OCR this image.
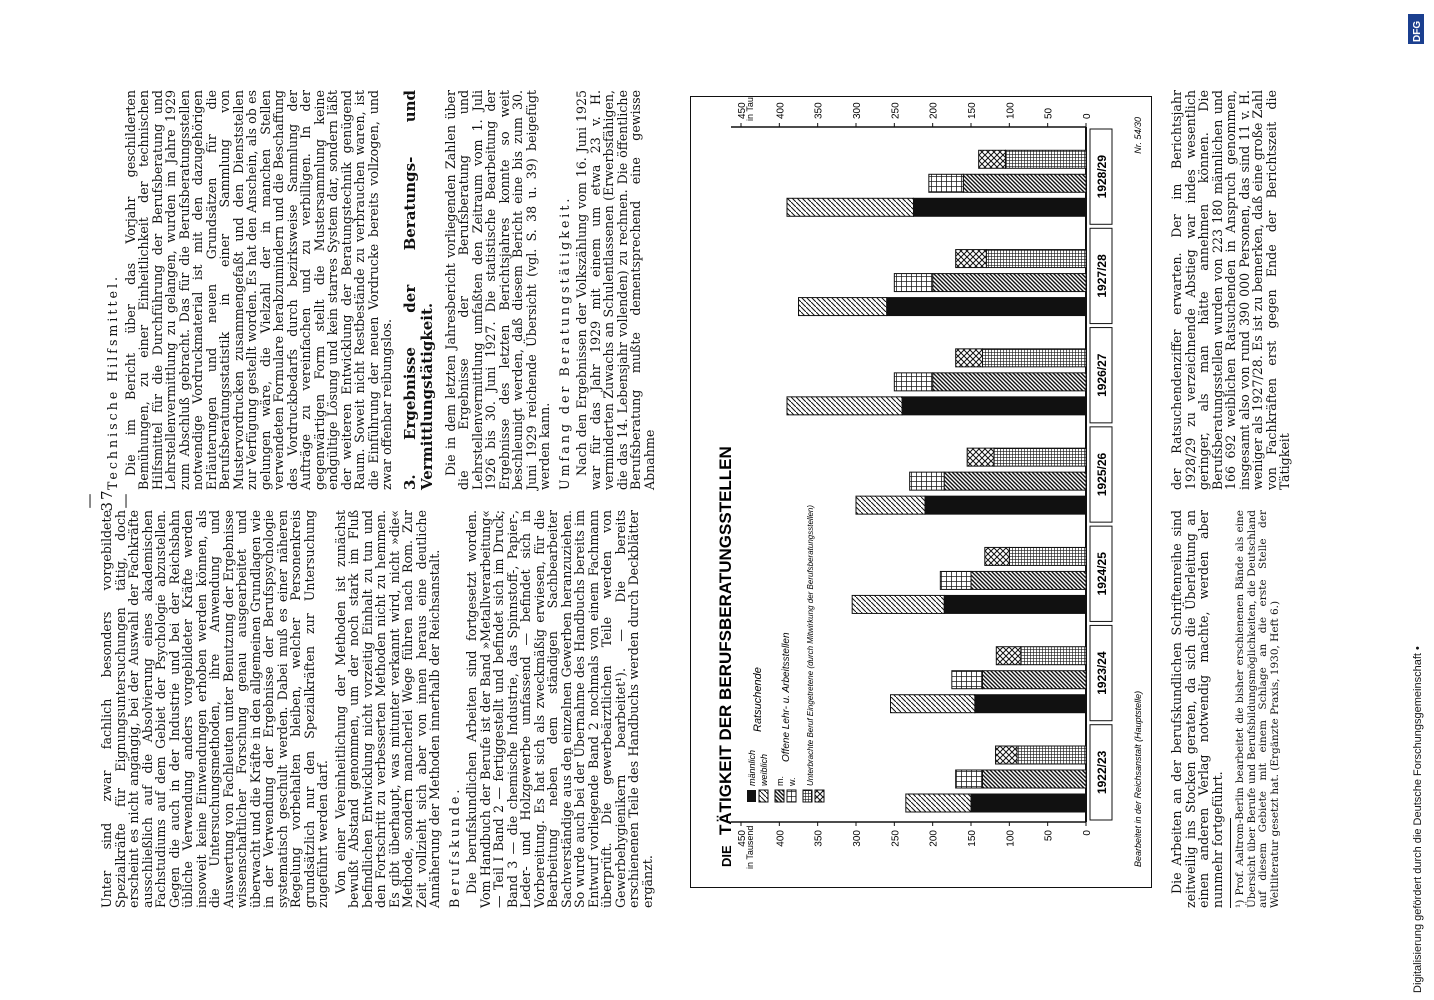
— 37 —

Unter sind zwar fachlich besonders vorgebildete Spezialkräfte für Eignungsuntersuchungen tätig, doch erscheint es nicht angängig, bei der Auswahl der Fachkräfte ausschließlich auf die Absolvierung eines akademischen Fachstudiums auf dem Gebiet der Psychologie abzustellen. Gegen die auch in der Industrie und bei der Reichsbahn übliche Verwendung anders vorgebildeter Kräfte werden insoweit keine Einwendungen erhoben werden können, als die Untersuchungsmethoden, ihre Anwendung und Auswertung von Fachleuten unter Benutzung der Ergebnisse wissenschaftlicher Forschung genau ausgearbeitet und überwacht und die Kräfte in den allgemeinen Grundlagen wie in der Verwendung der Ergebnisse der Berufspsychologie systematisch geschult werden. Dabei muß es einer näheren Regelung vorbehalten bleiben, welcher Personenkreis grundsätzlich nur den Spezialkräften zur Untersuchung zugeführt werden darf. Von einer Vereinheitlichung der Methoden ist zunächst bewußt Abstand genommen, um der noch stark im Fluß befindlichen Entwicklung nicht vorzeitig Einhalt zu tun und den Fortschritt zu verbesserten Methoden nicht zu hemmen. Es gibt überhaupt, was mitunter verkannt wird, nicht »die« Methode, sondern mancherlei Wege führen nach Rom. Zur Zeit vollzieht sich aber von innen heraus eine deutliche Annäherung der Methoden innerhalb der Reichsanstalt. Berufskunde. Die berufskundlichen Arbeiten sind fortgesetzt worden. Vom Handbuch der Berufe ist der Band »Metallverarbeitung« — Teil I Band 2 — fertiggestellt und befindet sich im Druck; Band 3 — die chemische Industrie, das Spinnstoff-, Papier-, Leder- und Holzgewerbe umfassend — befindet sich in Vorbereitung. Es hat sich als zweckmäßig erwiesen, für die Bearbeitung neben dem ständigen Sachbearbeiter Sachverständige aus den einzelnen Gewerben heranzuziehen. So wurde auch bei der Übernahme des Handbuchs bereits im Entwurf vorliegende Band 2 nochmals von einem Fachmann überprüft. Die gewerbeärztlichen Teile werden von Gewerbehygienikern bearbeitet¹). — Die bereits erschienenen Teile des Handbuchs werden durch Deckblätter ergänzt.

Technische Hilfsmittel. Die im Bericht über das Vorjahr geschilderten Bemühungen, zu einer Einheitlichkeit der technischen Hilfsmittel für die Durchführung der Berufsberatung und Lehrstellenvermittlung zu gelangen, wurden im Jahre 1929 zum Abschluß gebracht. Das für die Berufsberatungsstellen notwendige Vordruckmaterial ist mit den dazugehörigen Erläuterungen und neuen Grundsätzen für die Berufsberatungsstatistik in einer Sammlung von Mustervordrucken zusammengefaßt und den Dienststellen zur Verfügung gestellt worden. Es hat den Anschein, als ob es gelungen wäre, die Vielzahl der in manchen Stellen verwendeten Formulare herabzumindern und die Beschaffung des Vordruckbedarfs durch bezirksweise Sammlung der Aufträge zu vereinfachen und zu verbilligen. In der gegenwärtigen Form stellt die Mustersammlung keine endgültige Lösung und kein starres System dar, sondern läßt der weiteren Entwicklung der Beratungstechnik genügend Raum. Soweit nicht Restbestände zu verbrauchen waren, ist die Einführung der neuen Vordrucke bereits vollzogen, und zwar offenbar reibungslos. 3. Ergebnisse der Beratungs- und Vermittlungstätigkeit. Die in dem letzten Jahresbericht vorliegenden Zahlen über die Ergebnisse der Berufsberatung und Lehrstellenvermittlung umfaßten den Zeitraum vom 1. Juli 1926 bis 30. Juni 1927. Die statistische Bearbeitung der Ergebnisse des letzten Berichtsjahres konnte so weit beschleunigt werden, daß diesem Bericht eine bis zum 30. Juni 1929 reichende Übersicht (vgl. S. 38 u. 39) beigefügt werden kann. Umfang der Beratungstätigkeit. Nach den Ergebnissen der Volkszählung vom 16. Juni 1925 war für das Jahr 1929 mit einem um etwa 23 v. H. verminderten Zuwachs an Schulentlassenen (Erwerbsfähigen, die das 14. Lebensjahr vollenden) zu rechnen. Die öffentliche Berufsberatung mußte dementsprechend eine gewisse Abnahme

DIE
TÄTIGKEIT DER BERUFSBERATUNGSSTELLEN
in Tausend
in Tausend
0
0
50
50
100
100
150
150
200
200
250
250
300
300
350
350
400
400
450
450
1922/23
1923/24
1924/25
1925/26
1926/27
1927/28
1928/29
männlich weiblich
Ratsuchende
m. w.
Offene Lehr- u. Arbeitsstellen Unterbrachte Beruf Eingetretene (durch Mitwirkung der Berufsberatungsstellen)	Bearbeitet in der Reichsanstalt (Hauptstelle)
Nr. 54/30

Die Arbeiten an der berufskundlichen Schriftenreihe sind zeitweilig ins Stocken geraten, da sich die Überleitung an einen anderen Verlag notwendig machte, werden aber nunmehr fortgeführt. ¹) Prof. Aaltrom-Berlin bearbeitet die bisher erschienenen Bände als eine Übersicht über Berufe und Berufsbildungsmöglichkeiten, die Deutschland auf diesem Gebiete mit einem Schlage an die erste Stelle der Weltliteratur gesetzt hat. (Ergänzte Praxis, 1930, Heft 6.)

der Ratsuchendenziffer erwarten. Der im Berichtsjahr 1928/29 zu verzeichnende Abstieg war indes wesentlich geringer, als man hätte annehmen können. Die Berufsberatungsstellen wurden von 223 180 männlichen und 166 692 weiblichen Ratsuchenden in Anspruch genommen, insgesamt also von rund 390 000 Personen, das sind 11 v. H. weniger als 1927/28. Es ist zu bemerken, daß eine große Zahl von Fachkräften erst gegen Ende der Berichtszeit die Tätigkeit

Digitalisierung gefördert durch die Deutsche Forschungsgemeinschaft •
DFG
